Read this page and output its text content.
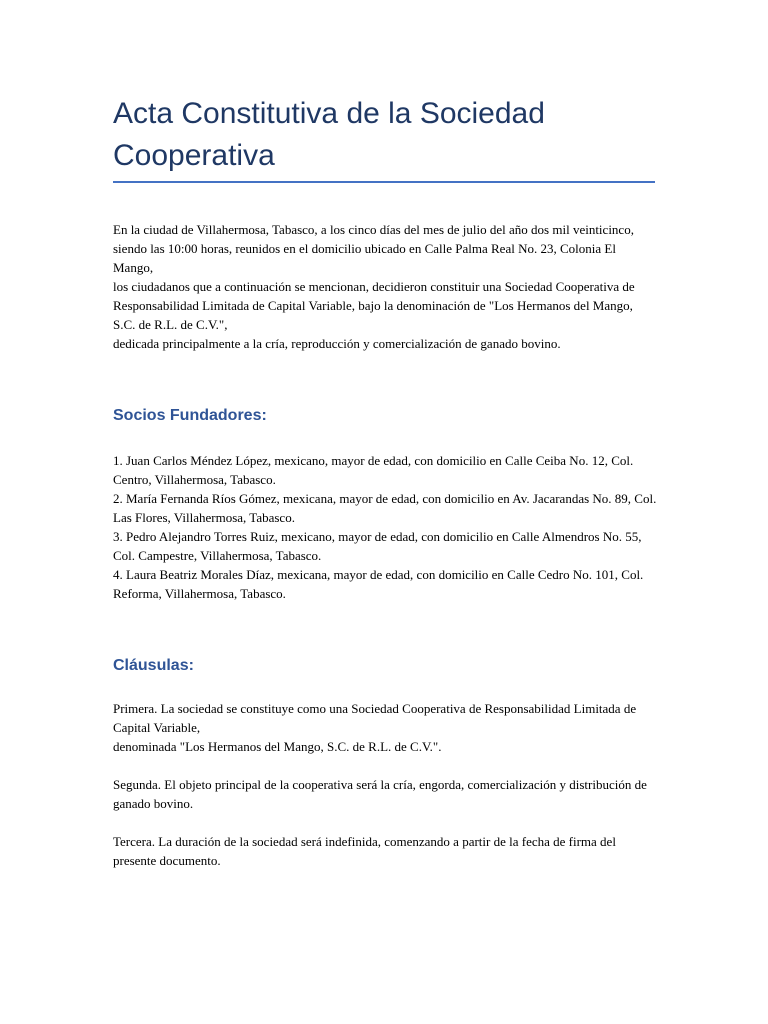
Acta Constitutiva de la Sociedad
Cooperativa
En la ciudad de Villahermosa, Tabasco, a los cinco días del mes de julio del año dos mil veinticinco,
siendo las 10:00 horas, reunidos en el domicilio ubicado en Calle Palma Real No. 23, Colonia El Mango,
los ciudadanos que a continuación se mencionan, decidieron constituir una Sociedad Cooperativa de
Responsabilidad Limitada de Capital Variable, bajo la denominación de "Los Hermanos del Mango, S.C. de R.L. de C.V.",
dedicada principalmente a la cría, reproducción y comercialización de ganado bovino.
Socios Fundadores:
1. Juan Carlos Méndez López, mexicano, mayor de edad, con domicilio en Calle Ceiba No. 12, Col. Centro, Villahermosa, Tabasco.
2. María Fernanda Ríos Gómez, mexicana, mayor de edad, con domicilio en Av. Jacarandas No. 89, Col. Las Flores, Villahermosa, Tabasco.
3. Pedro Alejandro Torres Ruiz, mexicano, mayor de edad, con domicilio en Calle Almendros No. 55, Col. Campestre, Villahermosa, Tabasco.
4. Laura Beatriz Morales Díaz, mexicana, mayor de edad, con domicilio en Calle Cedro No. 101, Col. Reforma, Villahermosa, Tabasco.
Cláusulas:
Primera. La sociedad se constituye como una Sociedad Cooperativa de Responsabilidad Limitada de Capital Variable,
denominada "Los Hermanos del Mango, S.C. de R.L. de C.V.".
Segunda. El objeto principal de la cooperativa será la cría, engorda, comercialización y distribución de ganado bovino.
Tercera. La duración de la sociedad será indefinida, comenzando a partir de la fecha de firma del presente documento.
